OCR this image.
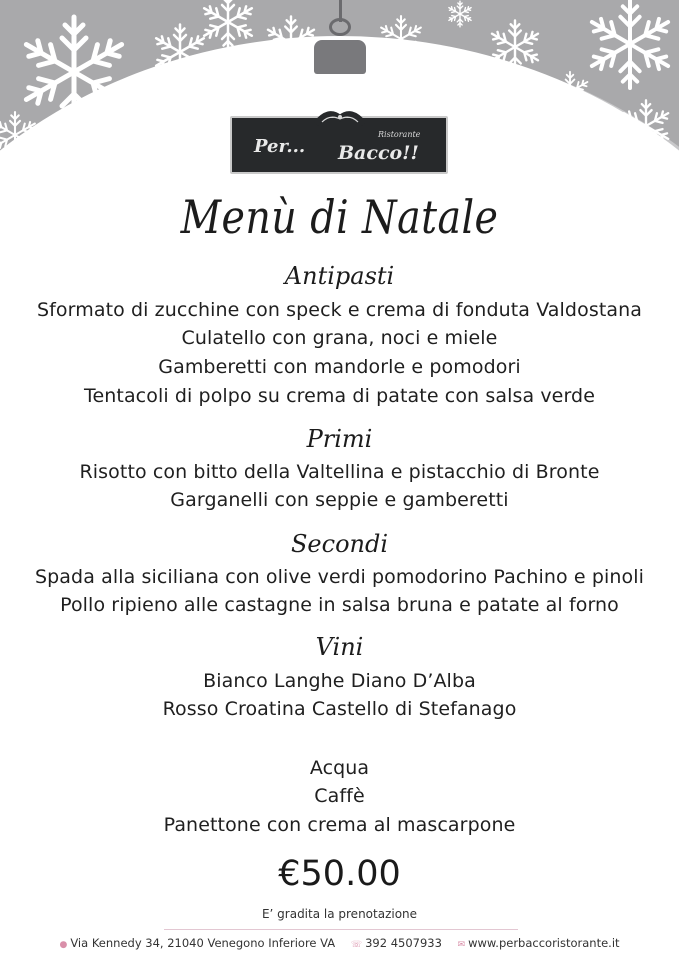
Per...
Ristorante
Bacco!!
Menù di Natale
Antipasti
Sformato di zucchine con speck e crema di fonduta Valdostana
Culatello con grana, noci e miele
Gamberetti con mandorle e pomodori
Tentacoli di polpo su crema di patate con salsa verde
Primi
Risotto con bitto della Valtellina e pistacchio di Bronte
Garganelli con seppie e gamberetti
Secondi
Spada alla siciliana con olive verdi pomodorino Pachino e pinoli
Pollo ripieno alle castagne in salsa bruna e patate al forno
Vini
Bianco Langhe Diano D’Alba
Rosso Croatina Castello di Stefanago
Acqua
Caffè
Panettone con crema al mascarpone
€50.00
E’ gradita la prenotazione
● Via Kennedy 34, 21040 Venegono Inferiore VA ☏ 392 4507933 ✉ www.perbaccoristorante.it
